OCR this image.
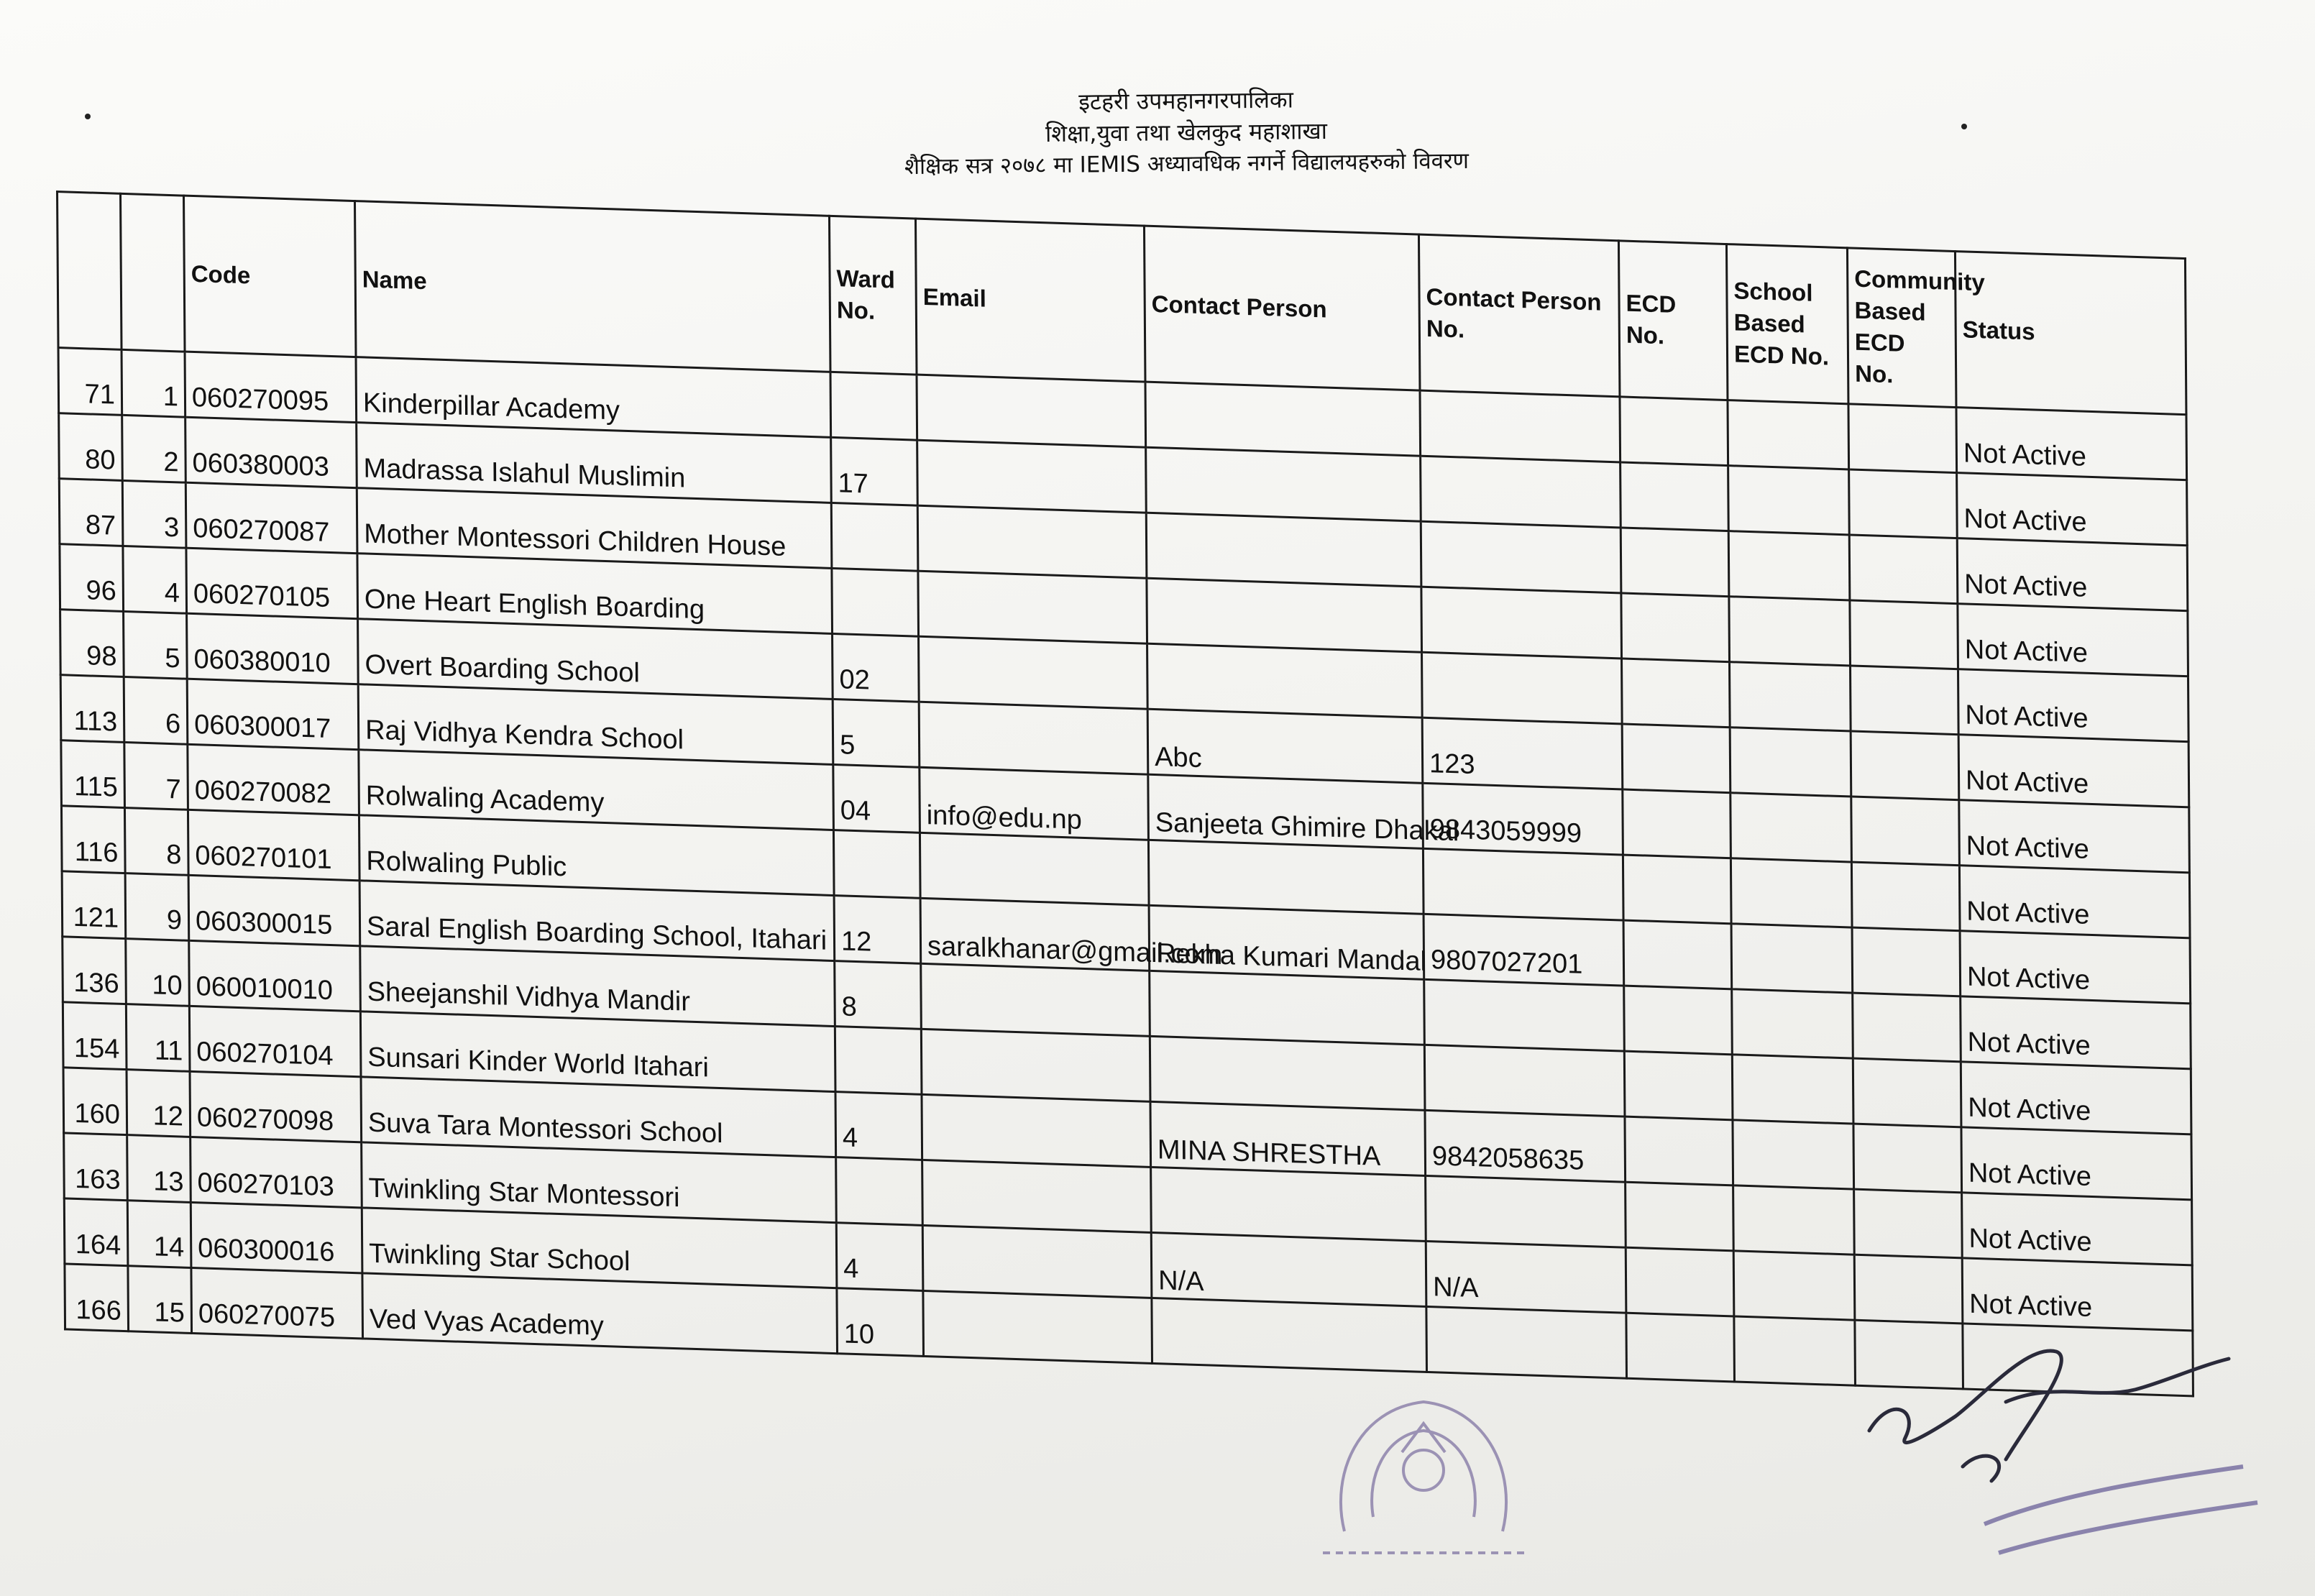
इटहरी उपमहानगरपालिका
शिक्षा,युवा तथा खेलकुद महाशाखा
शैक्षिक सत्र २०७८ मा IEMIS अध्यावधिक नगर्ने विद्यालयहरुको विवरण
		Code	Name	Ward No.	Email	Contact Person	Contact Person No.	ECD No.	School Based ECD No.	Community Based ECD No.	Status
71	1	060270095	Kinderpillar Academy								Not Active
80	2	060380003	Madrassa Islahul Muslimin	17							Not Active
87	3	060270087	Mother Montessori Children House								Not Active
96	4	060270105	One Heart English Boarding								Not Active
98	5	060380010	Overt Boarding School	02							Not Active
113	6	060300017	Raj Vidhya Kendra School	5		Abc	123				Not Active
115	7	060270082	Rolwaling Academy	04	info@edu.np	Sanjeeta Ghimire Dhakal	9843059999				Not Active
116	8	060270101	Rolwaling Public								Not Active
121	9	060300015	Saral English Boarding School, Itahari	12	saralkhanar@gmail.com	Rekha Kumari Mandal	9807027201				Not Active
136	10	060010010	Sheejanshil Vidhya Mandir	8							Not Active
154	11	060270104	Sunsari Kinder World Itahari								Not Active
160	12	060270098	Suva Tara Montessori School	4		MINA SHRESTHA	9842058635				Not Active
163	13	060270103	Twinkling Star Montessori								Not Active
164	14	060300016	Twinkling Star School	4		N/A	N/A				Not Active
166	15	060270075	Ved Vyas Academy	10							
